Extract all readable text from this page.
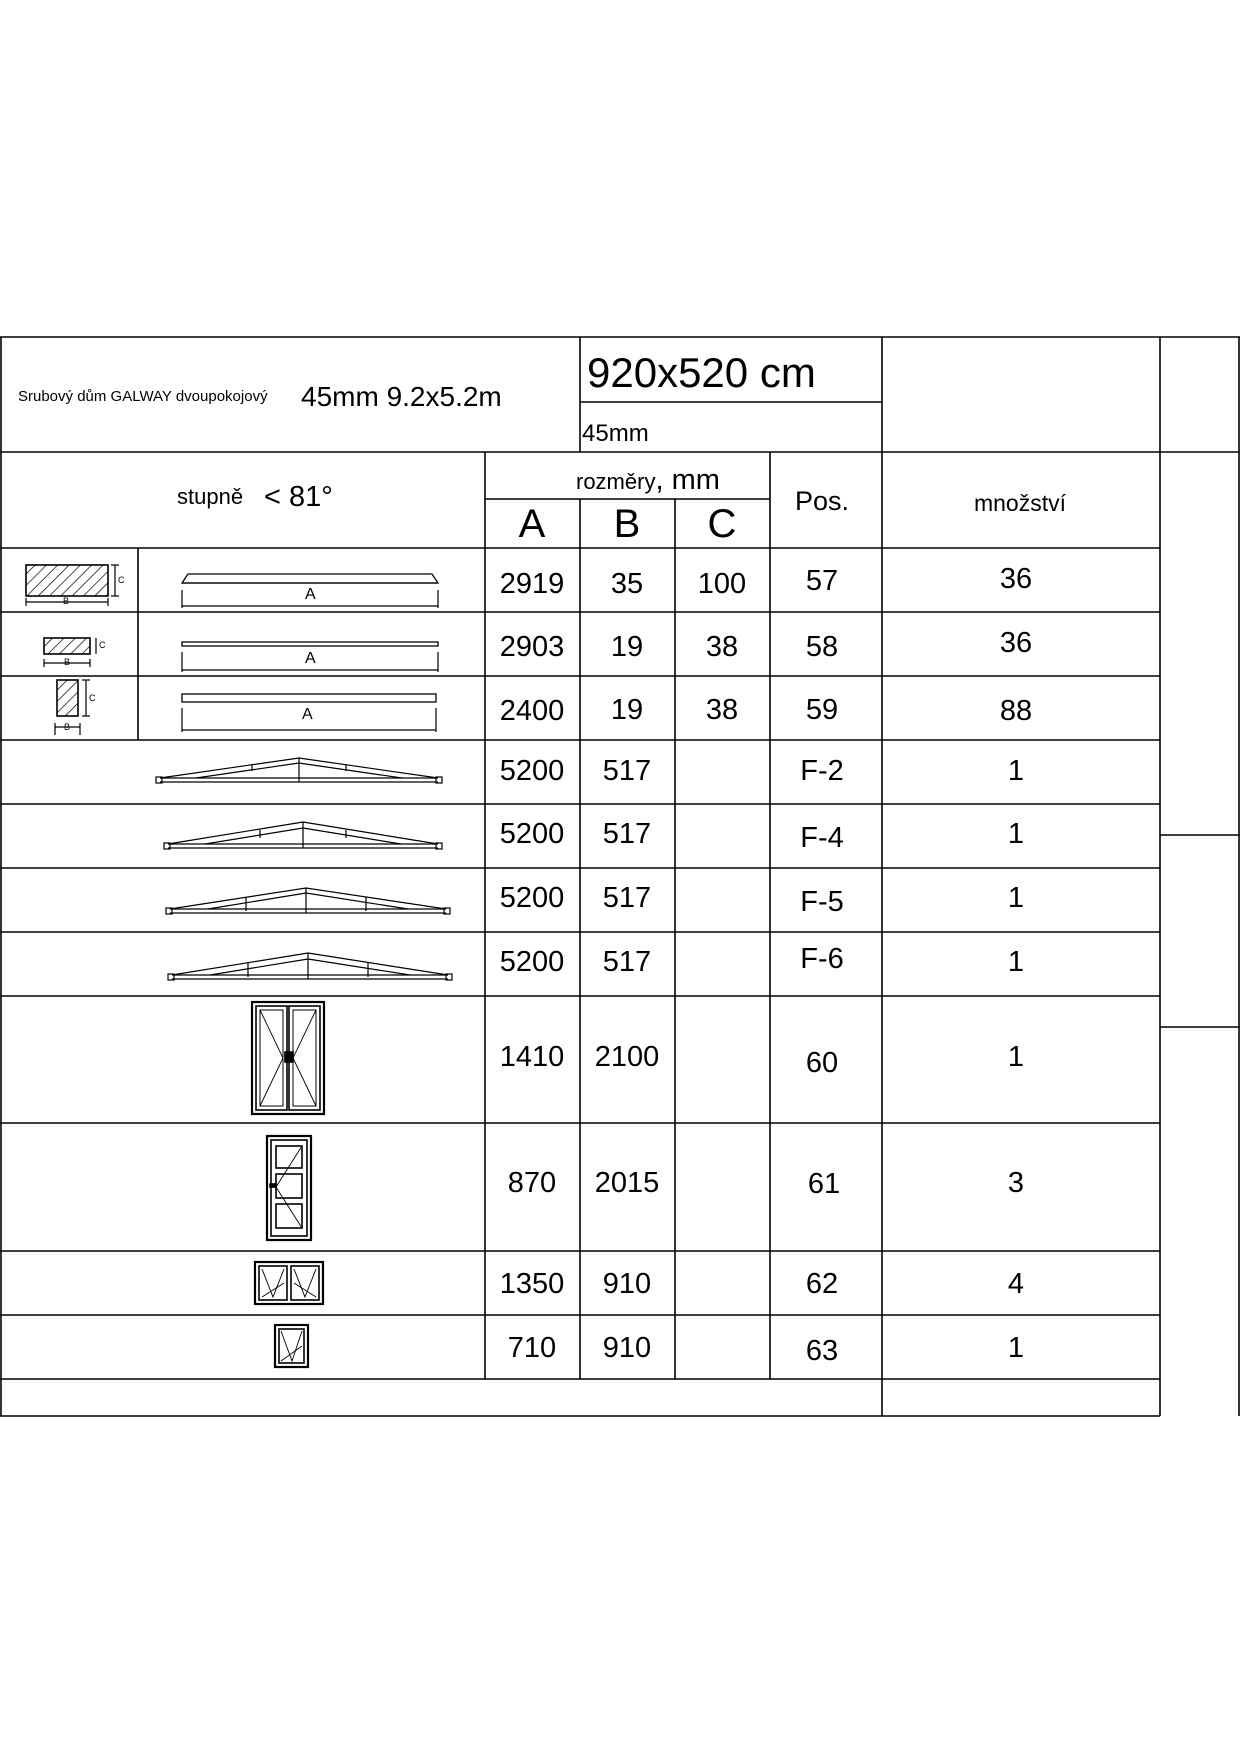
Srubový dům GALWAY dvoupokojový 45mm 9.2x5.2m
920x520 cm
45mm
stupně < 81°	rozměry, mm
A B C
Pos.	množství
2919 35 100 57	36
2903 19 38 58	36
2400 19 38 59	88
5200 517	F-2	1
5200 517	F-4	1
5200 517	F-5	1
5200 517	F-6	1
1410 2100	60	1
870 2015	61	3
1350 910	62	4
710 910	63	1
A
B
C
A
B
C
A
B
C
